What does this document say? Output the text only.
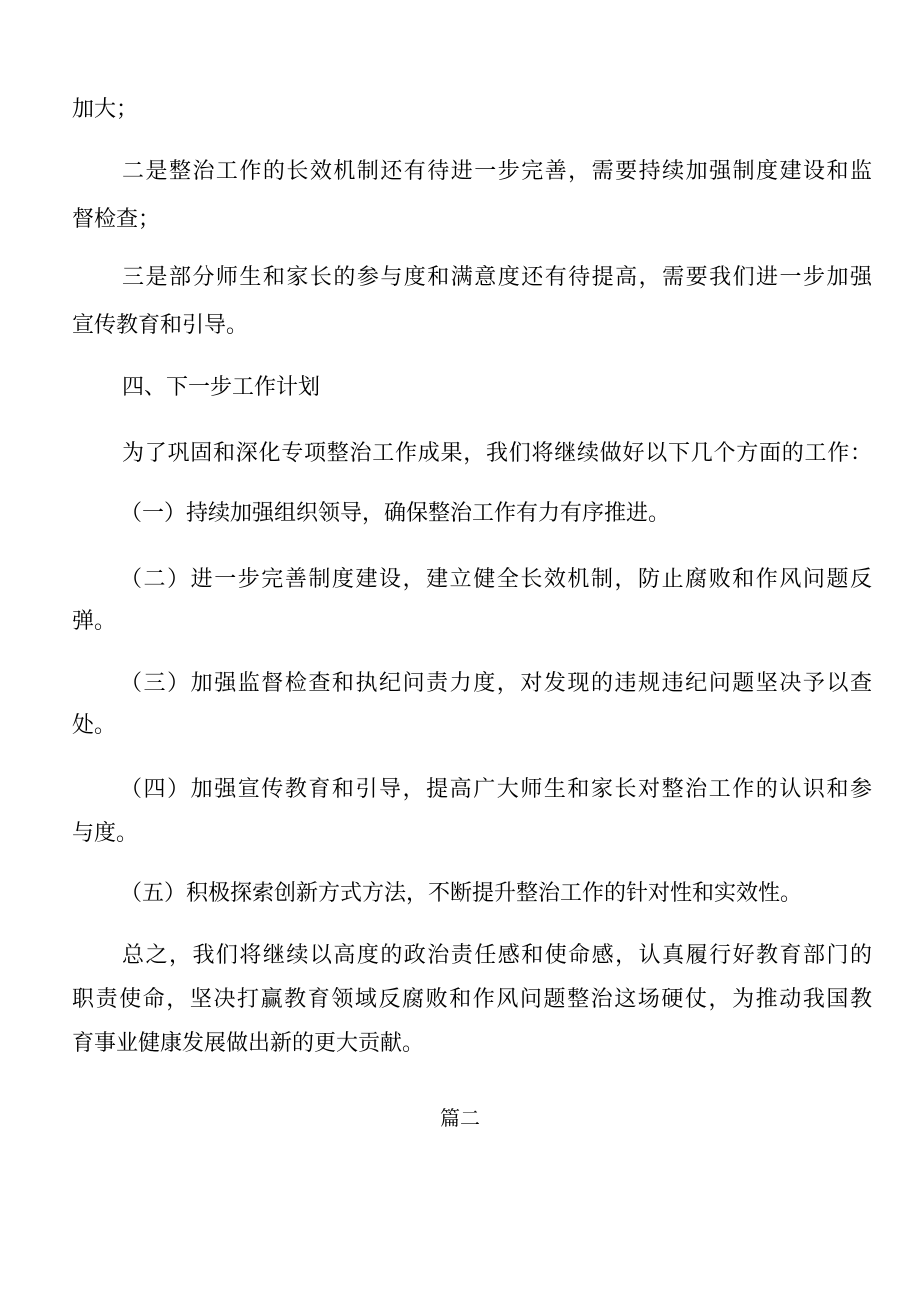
加大；
二是整治工作的长效机制还有待进一步完善，需要持续加强制度建设和监
督检查；
三是部分师生和家长的参与度和满意度还有待提高，需要我们进一步加强
宣传教育和引导。
四、下一步工作计划
为了巩固和深化专项整治工作成果，我们将继续做好以下几个方面的工作：
（一）持续加强组织领导，确保整治工作有力有序推进。
（二）进一步完善制度建设，建立健全长效机制，防止腐败和作风问题反
弹。
（三）加强监督检查和执纪问责力度，对发现的违规违纪问题坚决予以查
处。
（四）加强宣传教育和引导，提高广大师生和家长对整治工作的认识和参
与度。
（五）积极探索创新方式方法，不断提升整治工作的针对性和实效性。
总之，我们将继续以高度的政治责任感和使命感，认真履行好教育部门的
职责使命，坚决打赢教育领域反腐败和作风问题整治这场硬仗，为推动我国教
育事业健康发展做出新的更大贡献。
篇二
